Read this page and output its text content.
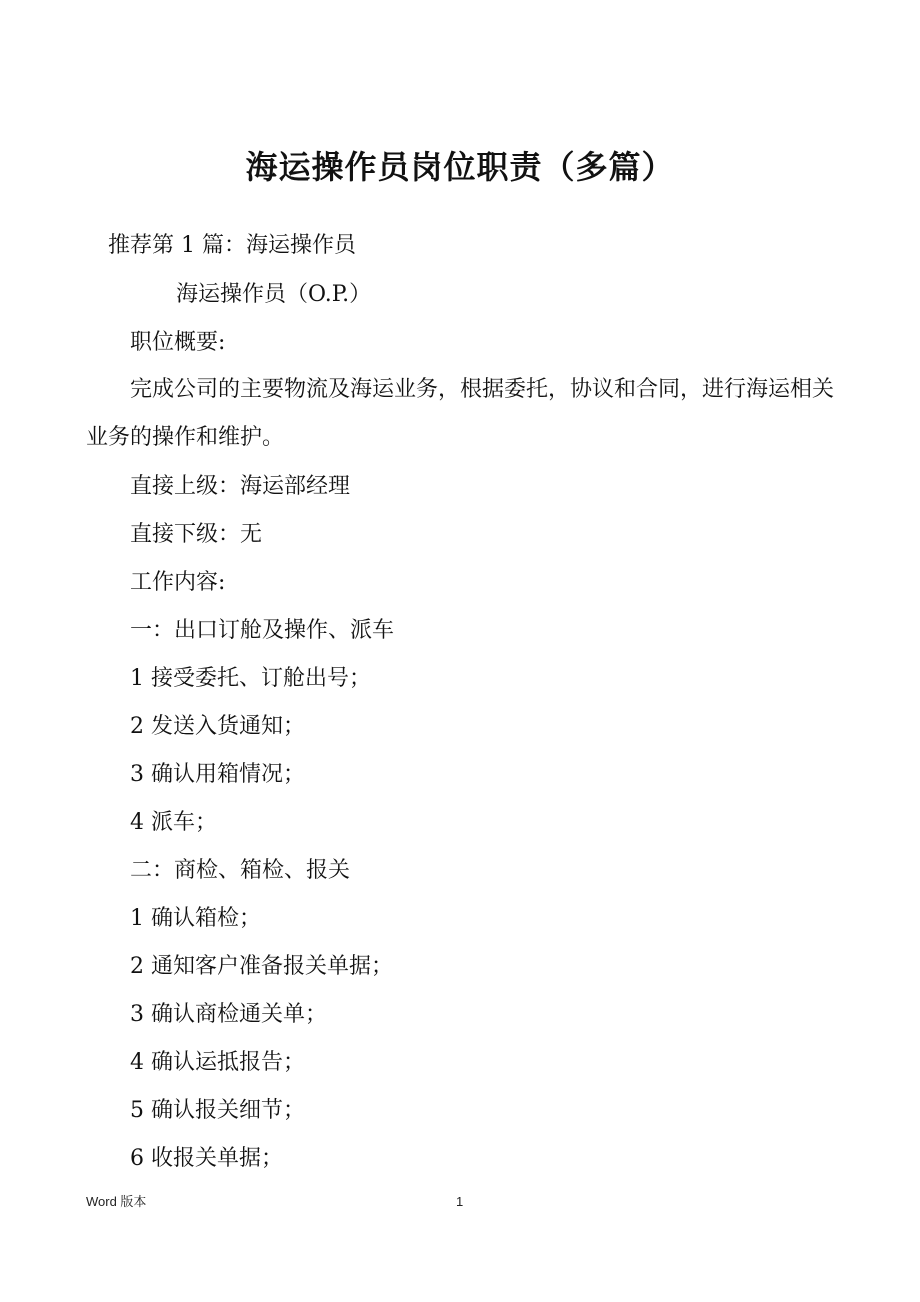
海运操作员岗位职责（多篇）
推荐第 1 篇：海运操作员
海运操作员（O.P.）
职位概要:
完成公司的主要物流及海运业务，根据委托，协议和合同，进行海运相关业务的操作和维护。
直接上级：海运部经理
直接下级：无
工作内容:
一：出口订舱及操作、派车
1 接受委托、订舱出号；
2 发送入货通知；
3 确认用箱情况；
4 派车；
二：商检、箱检、报关
1 确认箱检；
2 通知客户准备报关单据；
3 确认商检通关单；
4 确认运抵报告；
5 确认报关细节；
6 收报关单据；
Word 版本	1
